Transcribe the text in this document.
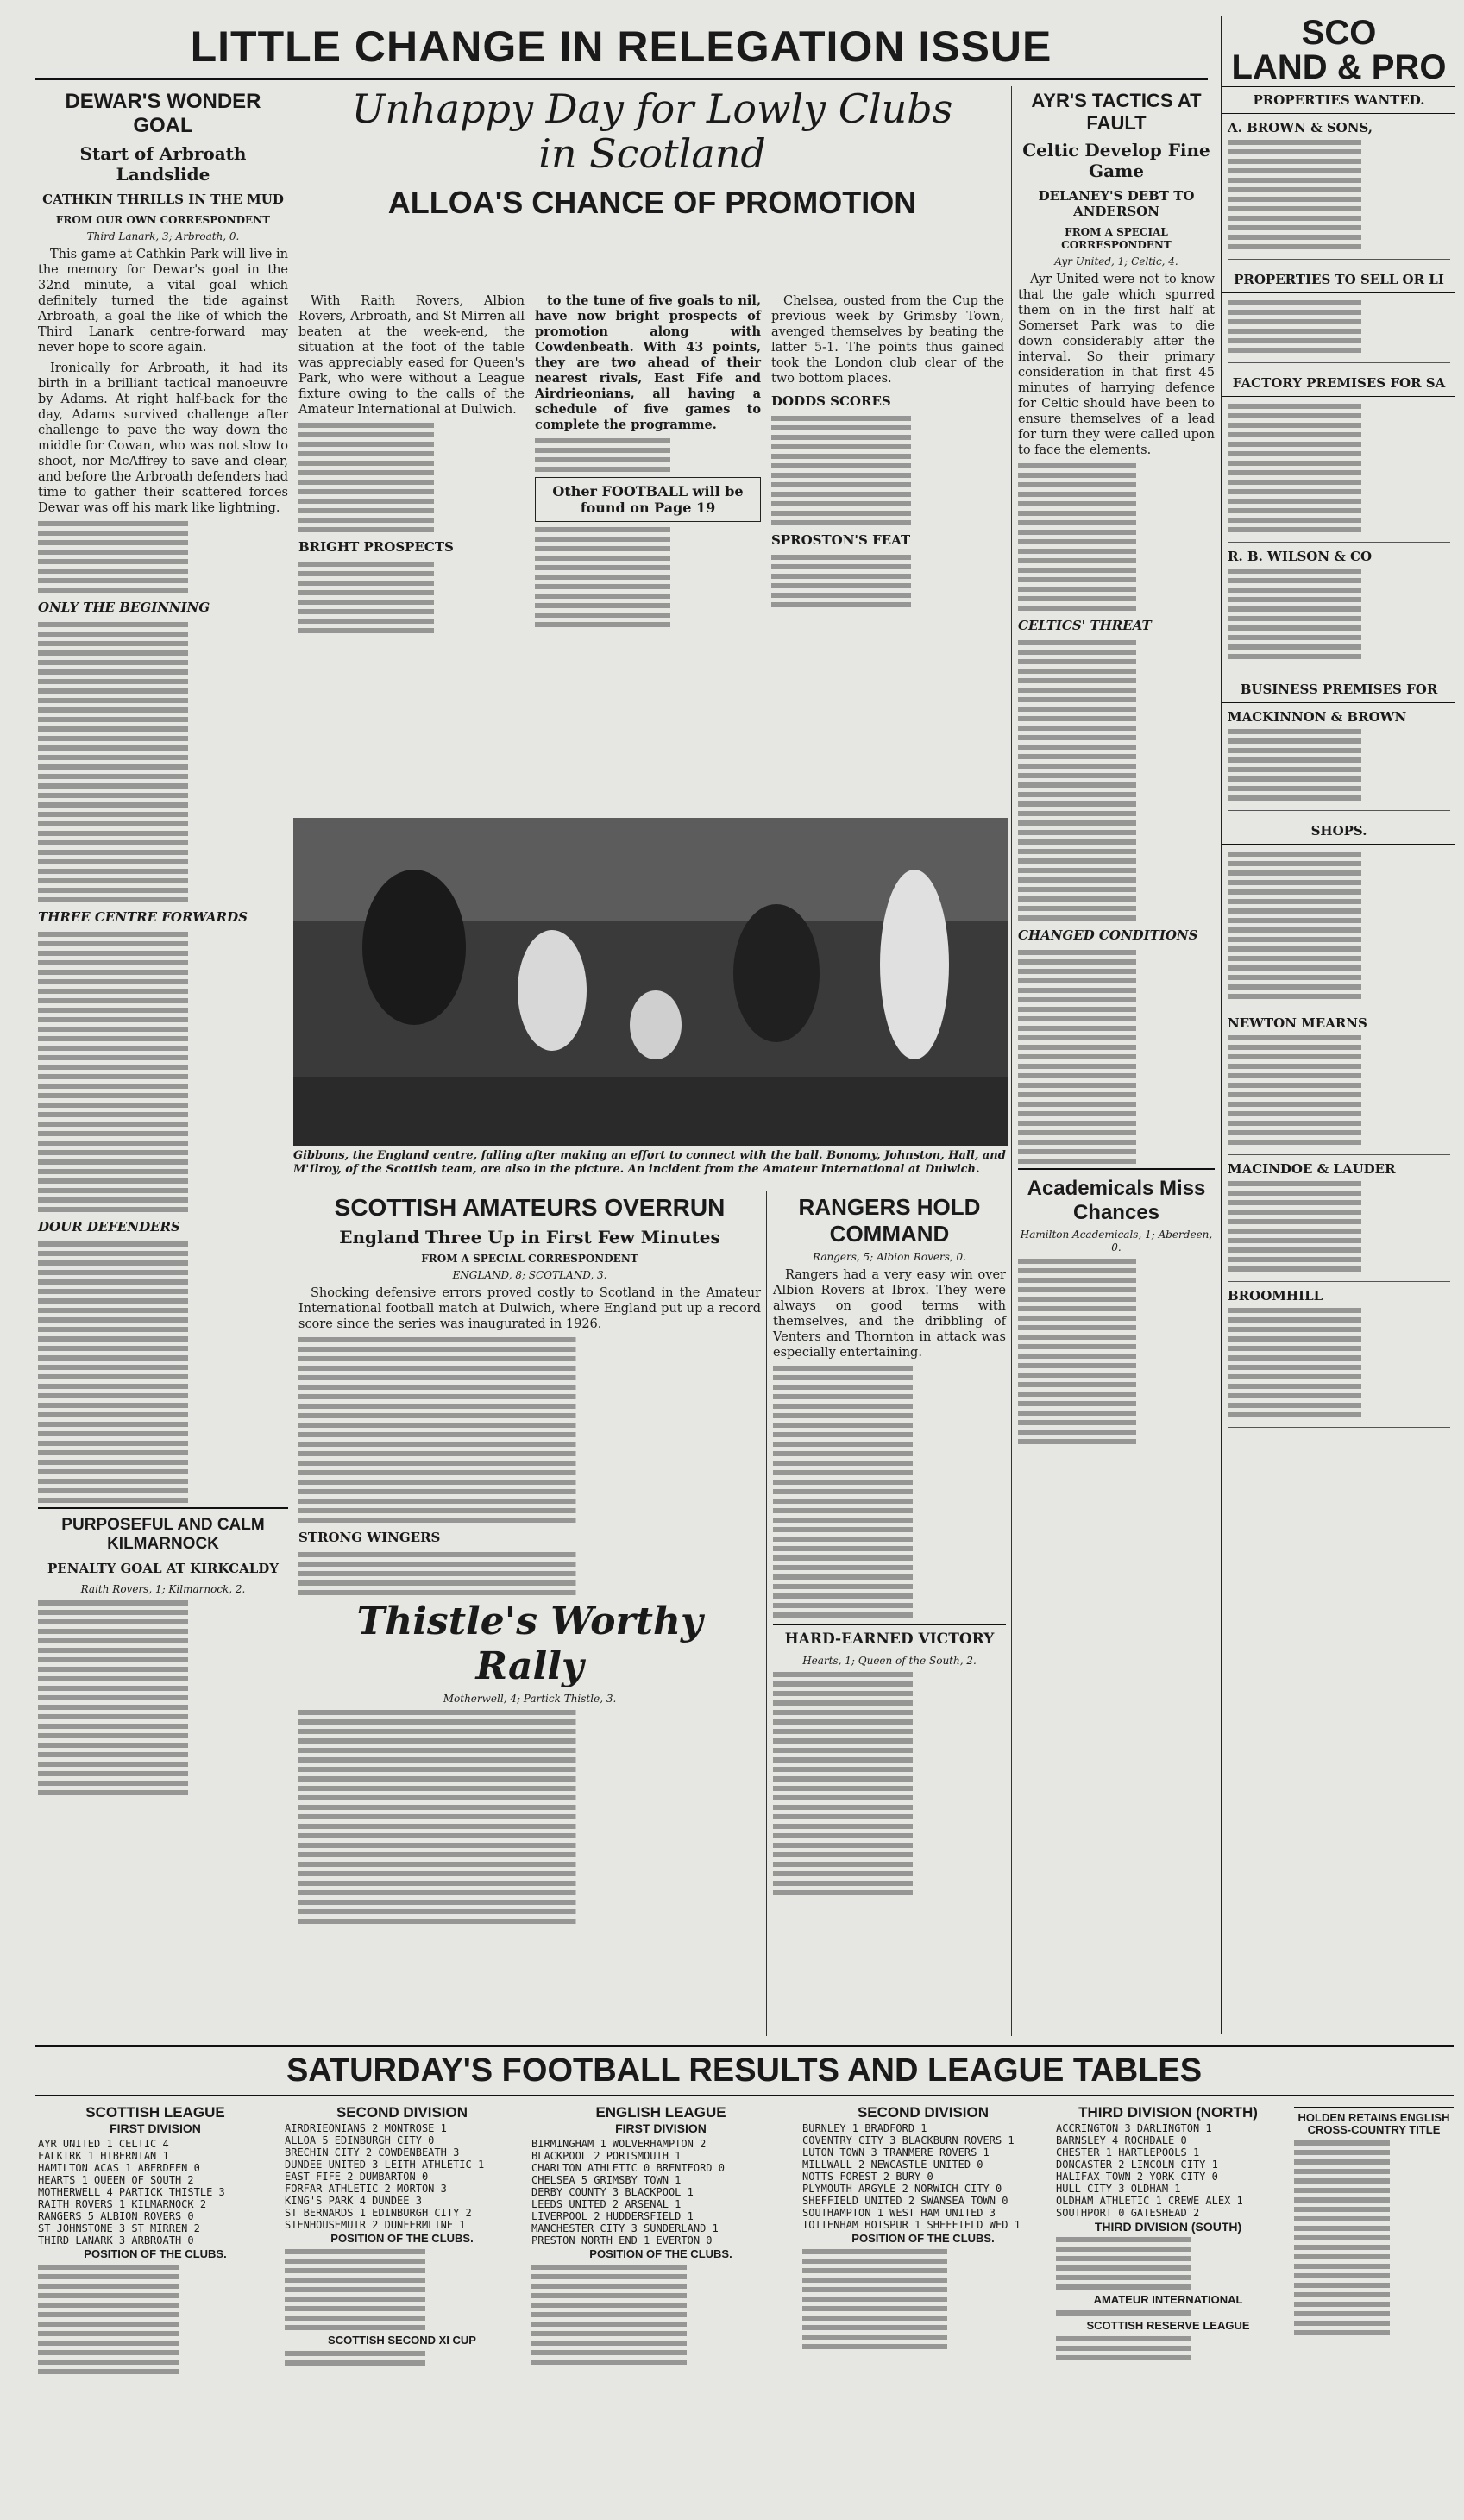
LITTLE CHANGE IN RELEGATION ISSUE	SCO
LAND & PRO
PROPERTIES WANTED.
A. BROWN & SONS,
PROPERTIES TO SELL OR LI
FACTORY PREMISES FOR SA
R. B. WILSON & CO
BUSINESS PREMISES FOR
MACKINNON & BROWN
SHOPS.
NEWTON MEARNS
MACINDOE & LAUDER
BROOMHILL
DEWAR'S WONDER GOAL
Start of Arbroath Landslide
CATHKIN THRILLS IN THE MUD
FROM OUR OWN CORRESPONDENT
Third Lanark, 3; Arbroath, 0.

This game at Cathkin Park will live in the memory for Dewar's goal in the 32nd minute, a vital goal which definitely turned the tide against Arbroath, a goal the like of which the Third Lanark centre-forward may never hope to score again.

Ironically for Arbroath, it had its birth in a brilliant tactical manoeuvre by Adams. At right half-back for the day, Adams survived challenge after challenge to pave the way down the middle for Cowan, who was not slow to shoot, nor McAffrey to save and clear, and before the Arbroath defenders had time to gather their scattered forces Dewar was off his mark like lightning.

ONLY THE BEGINNING
THREE CENTRE FORWARDS
DOUR DEFENDERS
PURPOSEFUL AND CALM KILMARNOCK
PENALTY GOAL AT KIRKCALDY
Raith Rovers, 1; Kilmarnock, 2.
Unhappy Day for Lowly Clubs
in Scotland
ALLOA'S CHANCE OF PROMOTION

With Raith Rovers, Albion Rovers, Arbroath, and St Mirren all beaten at the week-end, the situation at the foot of the table was appreciably eased for Queen's Park, who were without a League fixture owing to the calls of the Amateur International at Dulwich.

BRIGHT PROSPECTS

to the tune of five goals to nil, have now bright prospects of promotion along with Cowdenbeath. With 43 points, they are two ahead of their nearest rivals, East Fife and Airdrieonians, all having a schedule of five games to complete the programme.

Other FOOTBALL will be found on Page 19

Chelsea, ousted from the Cup the previous week by Grimsby Town, avenged themselves by beating the latter 5-1. The points thus gained took the London club clear of the two bottom places.

DODDS SCORES
SPROSTON'S FEAT
Gibbons, the England centre, falling after making an effort to connect with the ball. Bonomy, Johnston, Hall, and M'Ilroy, of the Scottish team, are also in the picture. An incident from the Amateur International at Dulwich.
SCOTTISH AMATEURS OVERRUN
England Three Up in First Few Minutes
FROM A SPECIAL CORRESPONDENT
ENGLAND, 8; SCOTLAND, 3.

Shocking defensive errors proved costly to Scotland in the Amateur International football match at Dulwich, where England put up a record score since the series was inaugurated in 1926.

STRONG WINGERS
Thistle's Worthy Rally
Motherwell, 4; Partick Thistle, 3.
RANGERS HOLD COMMAND
Rangers, 5; Albion Rovers, 0.

Rangers had a very easy win over Albion Rovers at Ibrox. They were always on good terms with themselves, and the dribbling of Venters and Thornton in attack was especially entertaining.

HARD-EARNED VICTORY
Hearts, 1; Queen of the South, 2.
AYR'S TACTICS AT FAULT
Celtic Develop Fine Game
DELANEY'S DEBT TO ANDERSON
FROM A SPECIAL CORRESPONDENT
Ayr United, 1; Celtic, 4.

Ayr United were not to know that the gale which spurred them on in the first half at Somerset Park was to die down considerably after the interval. So their primary consideration in that first 45 minutes of harrying defence for Celtic should have been to ensure themselves of a lead for turn they were called upon to face the elements.

CELTICS' THREAT
CHANGED CONDITIONS
Academicals Miss Chances
Hamilton Academicals, 1; Aberdeen, 0.
SATURDAY'S FOOTBALL RESULTS AND LEAGUE TABLES
SCOTTISH LEAGUE
FIRST DIVISION
AYR UNITED 1 CELTIC 4
FALKIRK 1 HIBERNIAN 1
HAMILTON ACAS 1 ABERDEEN 0
HEARTS 1 QUEEN OF SOUTH 2
MOTHERWELL 4 PARTICK THISTLE 3
RAITH ROVERS 1 KILMARNOCK 2
RANGERS 5 ALBION ROVERS 0
ST JOHNSTONE 3 ST MIRREN 2
THIRD LANARK 3 ARBROATH 0
POSITION OF THE CLUBS.
SECOND DIVISION
AIRDRIEONIANS 2 MONTROSE 1
ALLOA 5 EDINBURGH CITY 0
BRECHIN CITY 2 COWDENBEATH 3
DUNDEE UNITED 3 LEITH ATHLETIC 1
EAST FIFE 2 DUMBARTON 0
FORFAR ATHLETIC 2 MORTON 3
KING'S PARK 4 DUNDEE 3
ST BERNARDS 1 EDINBURGH CITY 2
STENHOUSEMUIR 2 DUNFERMLINE 1
POSITION OF THE CLUBS.
SCOTTISH SECOND XI CUP
ENGLISH LEAGUE
FIRST DIVISION
BIRMINGHAM 1 WOLVERHAMPTON 2
BLACKPOOL 2 PORTSMOUTH 1
CHARLTON ATHLETIC 0 BRENTFORD 0
CHELSEA 5 GRIMSBY TOWN 1
DERBY COUNTY 3 BLACKPOOL 1
LEEDS UNITED 2 ARSENAL 1
LIVERPOOL 2 HUDDERSFIELD 1
MANCHESTER CITY 3 SUNDERLAND 1
PRESTON NORTH END 1 EVERTON 0
POSITION OF THE CLUBS.
SECOND DIVISION
BURNLEY 1 BRADFORD 1
COVENTRY CITY 3 BLACKBURN ROVERS 1
LUTON TOWN 3 TRANMERE ROVERS 1
MILLWALL 2 NEWCASTLE UNITED 0
NOTTS FOREST 2 BURY 0
PLYMOUTH ARGYLE 2 NORWICH CITY 0
SHEFFIELD UNITED 2 SWANSEA TOWN 0
SOUTHAMPTON 1 WEST HAM UNITED 3
TOTTENHAM HOTSPUR 1 SHEFFIELD WED 1
POSITION OF THE CLUBS.
THIRD DIVISION (NORTH)
ACCRINGTON 3 DARLINGTON 1
BARNSLEY 4 ROCHDALE 0
CHESTER 1 HARTLEPOOLS 1
DONCASTER 2 LINCOLN CITY 1
HALIFAX TOWN 2 YORK CITY 0
HULL CITY 3 OLDHAM 1
OLDHAM ATHLETIC 1 CREWE ALEX 1
SOUTHPORT 0 GATESHEAD 2
THIRD DIVISION (SOUTH)
AMATEUR INTERNATIONAL
SCOTTISH RESERVE LEAGUE
HOLDEN RETAINS ENGLISH CROSS-COUNTRY TITLE
